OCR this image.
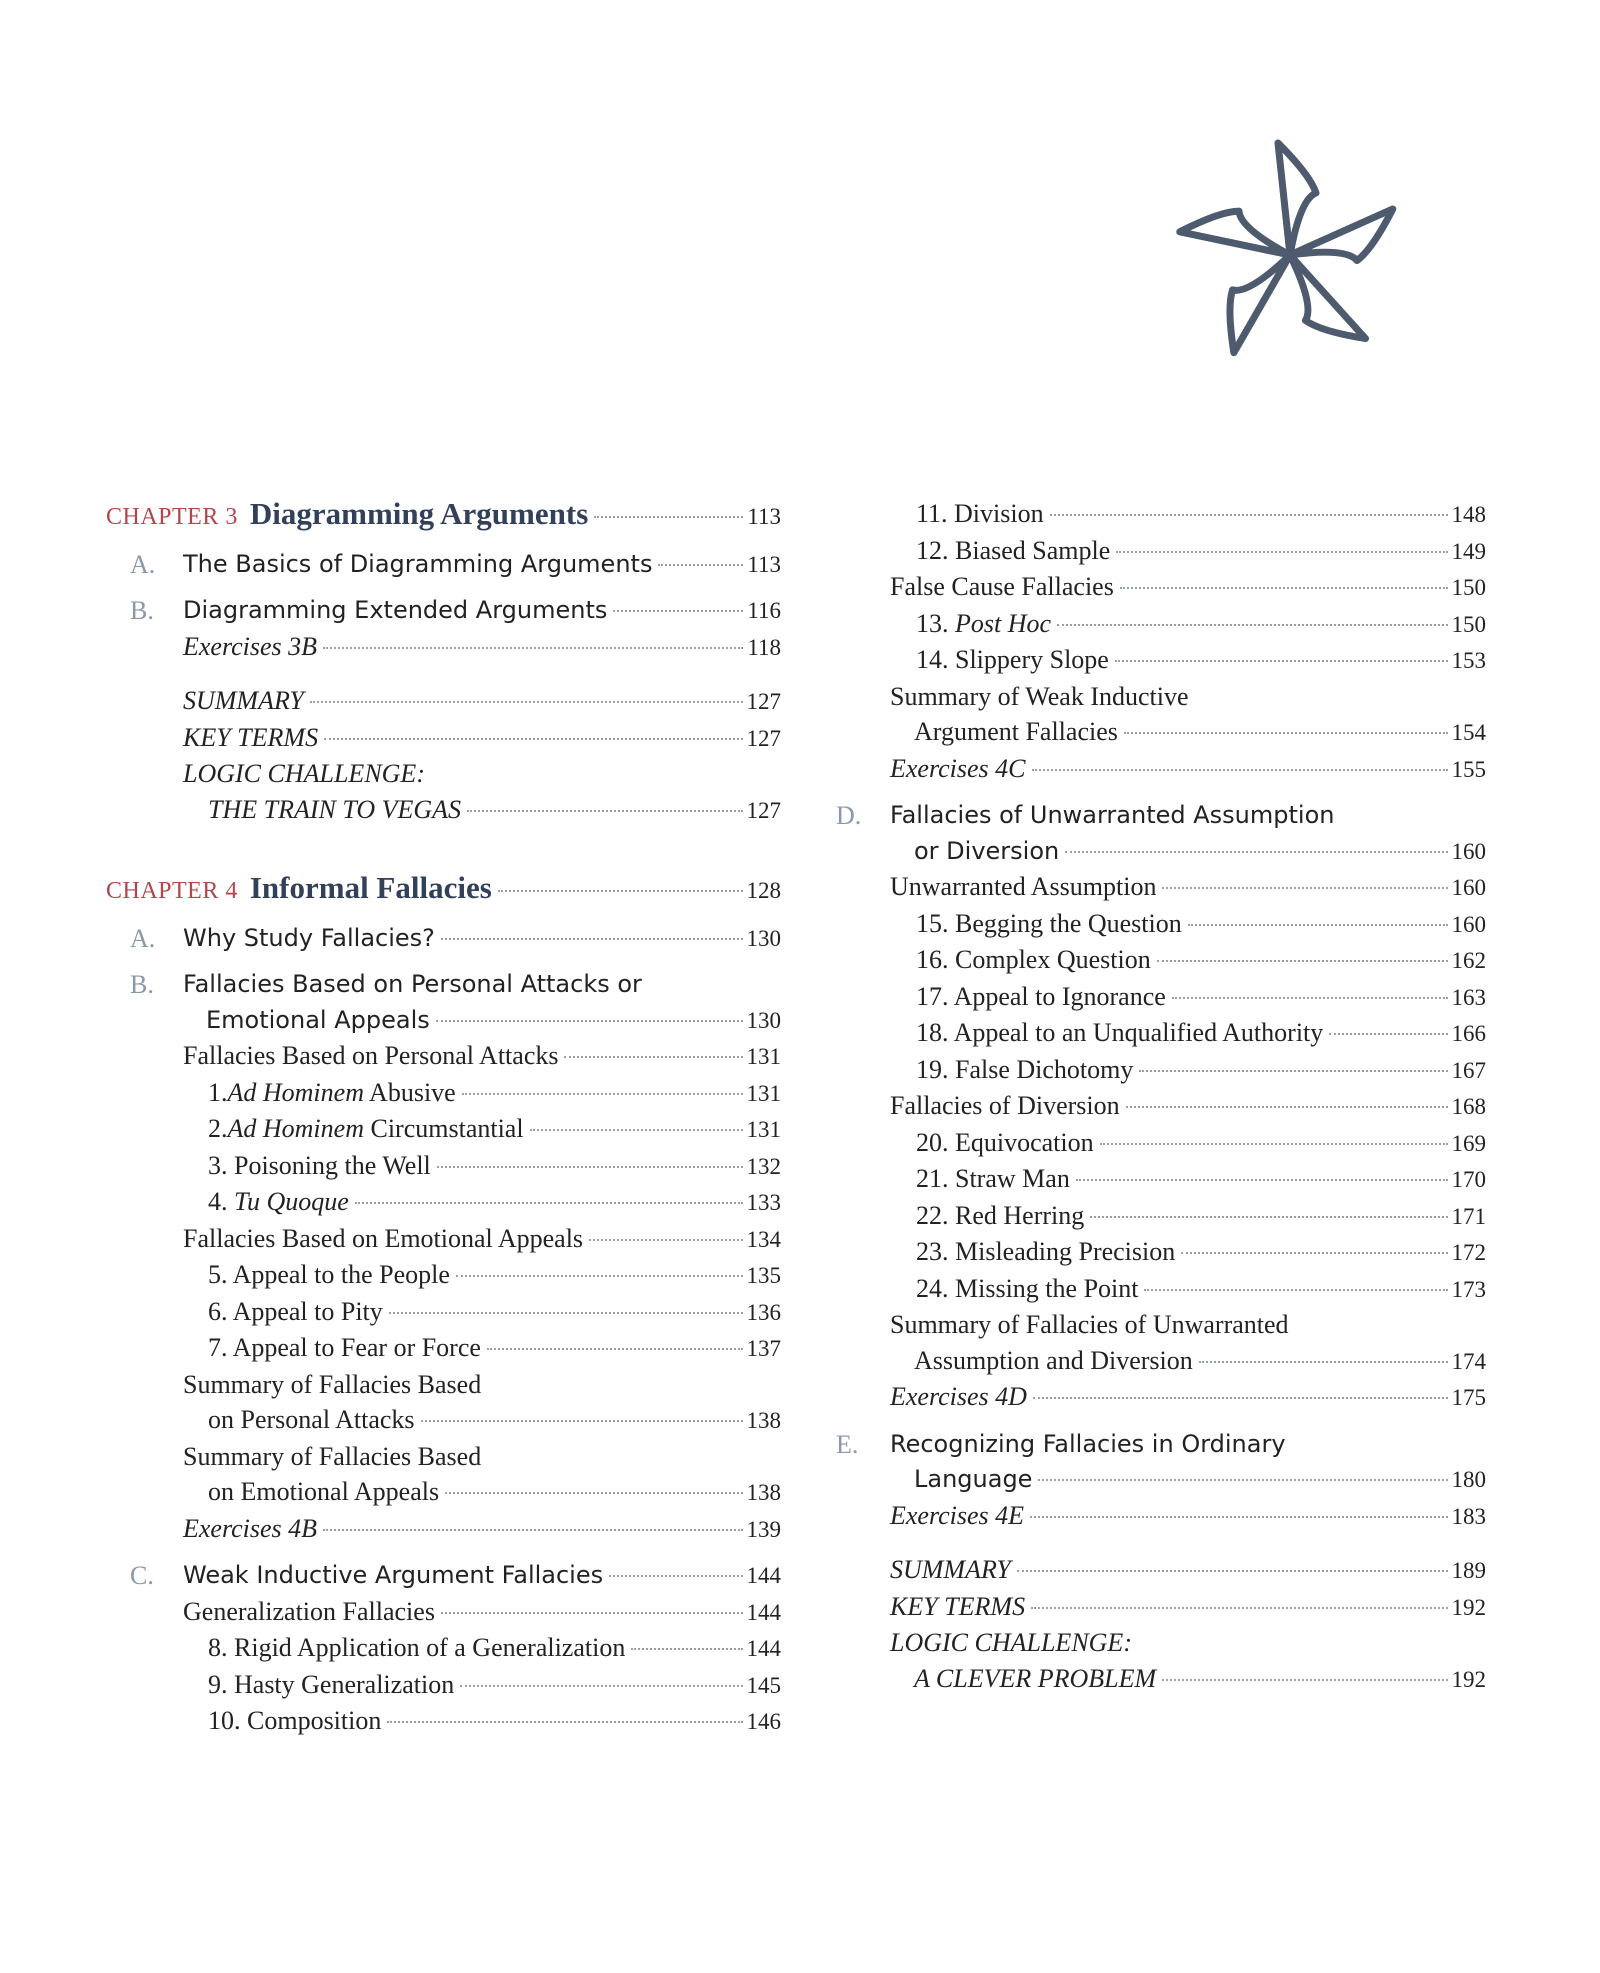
CHAPTER 3 Diagramming Arguments	113
A. The Basics of Diagramming Arguments	113
B. Diagramming Extended Arguments	116
Exercises 3B	118
SUMMARY	127
KEY TERMS	127
LOGIC CHALLENGE:
THE TRAIN TO VEGAS	127
CHAPTER 4 Informal Fallacies	128
A. Why Study Fallacies?	130
B. Fallacies Based on Personal Attacks or
Emotional Appeals	130
Fallacies Based on Personal Attacks	131
1.Ad Hominem Abusive	131
2.Ad Hominem Circumstantial	131
3. Poisoning the Well	132
4. Tu Quoque	133
Fallacies Based on Emotional Appeals	134
5. Appeal to the People	135
6. Appeal to Pity	136
7. Appeal to Fear or Force	137
Summary of Fallacies Based
on Personal Attacks	138
Summary of Fallacies Based
on Emotional Appeals	138
Exercises 4B	139
C. Weak Inductive Argument Fallacies	144
Generalization Fallacies	144
8. Rigid Application of a Generalization	144
9. Hasty Generalization	145
10. Composition	146
11. Division	148
12. Biased Sample	149
False Cause Fallacies	150
13. Post Hoc	150
14. Slippery Slope	153
Summary of Weak Inductive
Argument Fallacies	154
Exercises 4C	155
D. Fallacies of Unwarranted Assumption
or Diversion	160
Unwarranted Assumption	160
15. Begging the Question	160
16. Complex Question	162
17. Appeal to Ignorance	163
18. Appeal to an Unqualified Authority	166
19. False Dichotomy	167
Fallacies of Diversion	168
20. Equivocation	169
21. Straw Man	170
22. Red Herring	171
23. Misleading Precision	172
24. Missing the Point	173
Summary of Fallacies of Unwarranted
Assumption and Diversion	174
Exercises 4D	175
E. Recognizing Fallacies in Ordinary
Language	180
Exercises 4E	183
SUMMARY	189
KEY TERMS	192
LOGIC CHALLENGE:
A CLEVER PROBLEM	192
